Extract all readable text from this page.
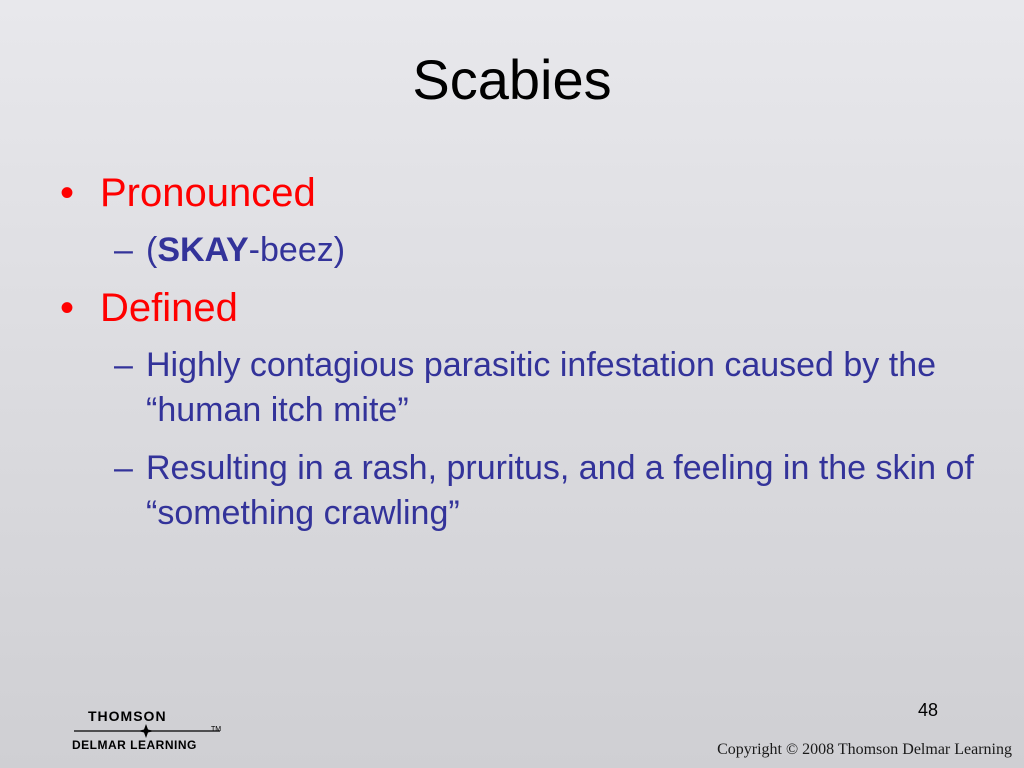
Scabies
• Pronounced
– (SKAY-beez)
• Defined
– Highly contagious parasitic infestation caused by the “human itch mite”
– Resulting in a rash, pruritus, and a feeling in the skin of “something crawling”
48
THOMSON
TM
DELMAR LEARNING	Copyright © 2008 Thomson Delmar Learning
